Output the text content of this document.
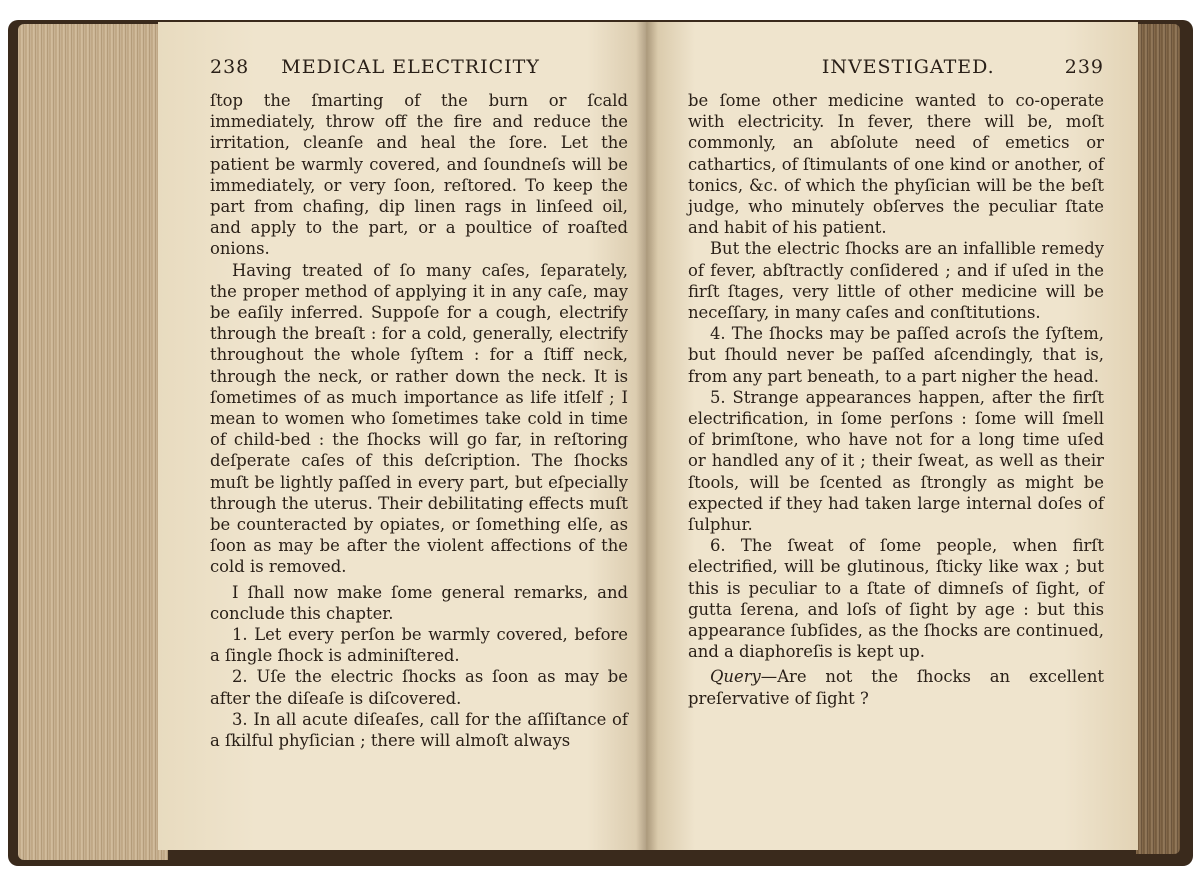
238 MEDICAL ELECTRICITY

ſtop the ſmarting of the burn or ſcald immediately, throw off the fire and reduce the irritation, cleanſe and heal the ſore. Let the patient be warmly covered, and ſoundneſs will be immediately, or very ſoon, reſtored. To keep the part from chafing, dip linen rags in linſeed oil, and apply to the part, or a poultice of roaſted onions.

Having treated of ſo many caſes, ſeparately, the proper method of applying it in any caſe, may be eaſily inferred. Suppoſe for a cough, electrify through the breaſt : for a cold, generally, electrify throughout the whole ſyſtem : for a ſtiff neck, through the neck, or rather down the neck. It is ſometimes of as much importance as life itſelf ; I mean to women who ſometimes take cold in time of child-bed : the ſhocks will go far, in reſtoring deſperate caſes of this deſcription. The ſhocks muſt be lightly paſſed in every part, but eſpecially through the uterus. Their debilitating effects muſt be counteracted by opiates, or ſomething elſe, as ſoon as may be after the violent affections of the cold is removed.

I ſhall now make ſome general remarks, and conclude this chapter.

1. Let every perſon be warmly covered, before a ſingle ſhock is adminiſtered.

2. Uſe the electric ſhocks as ſoon as may be after the diſeaſe is diſcovered.

3. In all acute diſeaſes, call for the aſſiſtance of a ſkilful phyſician ; there will almoſt always

INVESTIGATED.	239

be ſome other medicine wanted to co-operate with electricity. In fever, there will be, moſt commonly, an abſolute need of emetics or cathartics, of ſtimulants of one kind or another, of tonics, &c. of which the phyſician will be the beſt judge, who minutely obſerves the peculiar ſtate and habit of his patient.

But the electric ſhocks are an infallible remedy of fever, abſtractly conſidered ; and if uſed in the firſt ſtages, very little of other medicine will be neceſſary, in many caſes and conſtitutions.

4. The ſhocks may be paſſed acroſs the ſyſtem, but ſhould never be paſſed aſcendingly, that is, from any part beneath, to a part nigher the head.

5. Strange appearances happen, after the firſt electrification, in ſome perſons : ſome will ſmell of brimſtone, who have not for a long time uſed or handled any of it ; their ſweat, as well as their ſtools, will be ſcented as ſtrongly as might be expected if they had taken large internal doſes of ſulphur.

6. The ſweat of ſome people, when firſt electrified, will be glutinous, ſticky like wax ; but this is peculiar to a ſtate of dimneſs of ſight, of gutta ſerena, and loſs of ſight by age : but this appearance ſubſides, as the ſhocks are continued, and a diaphoreſis is kept up.

Query—Are not the ſhocks an excellent preſervative of ſight ?
